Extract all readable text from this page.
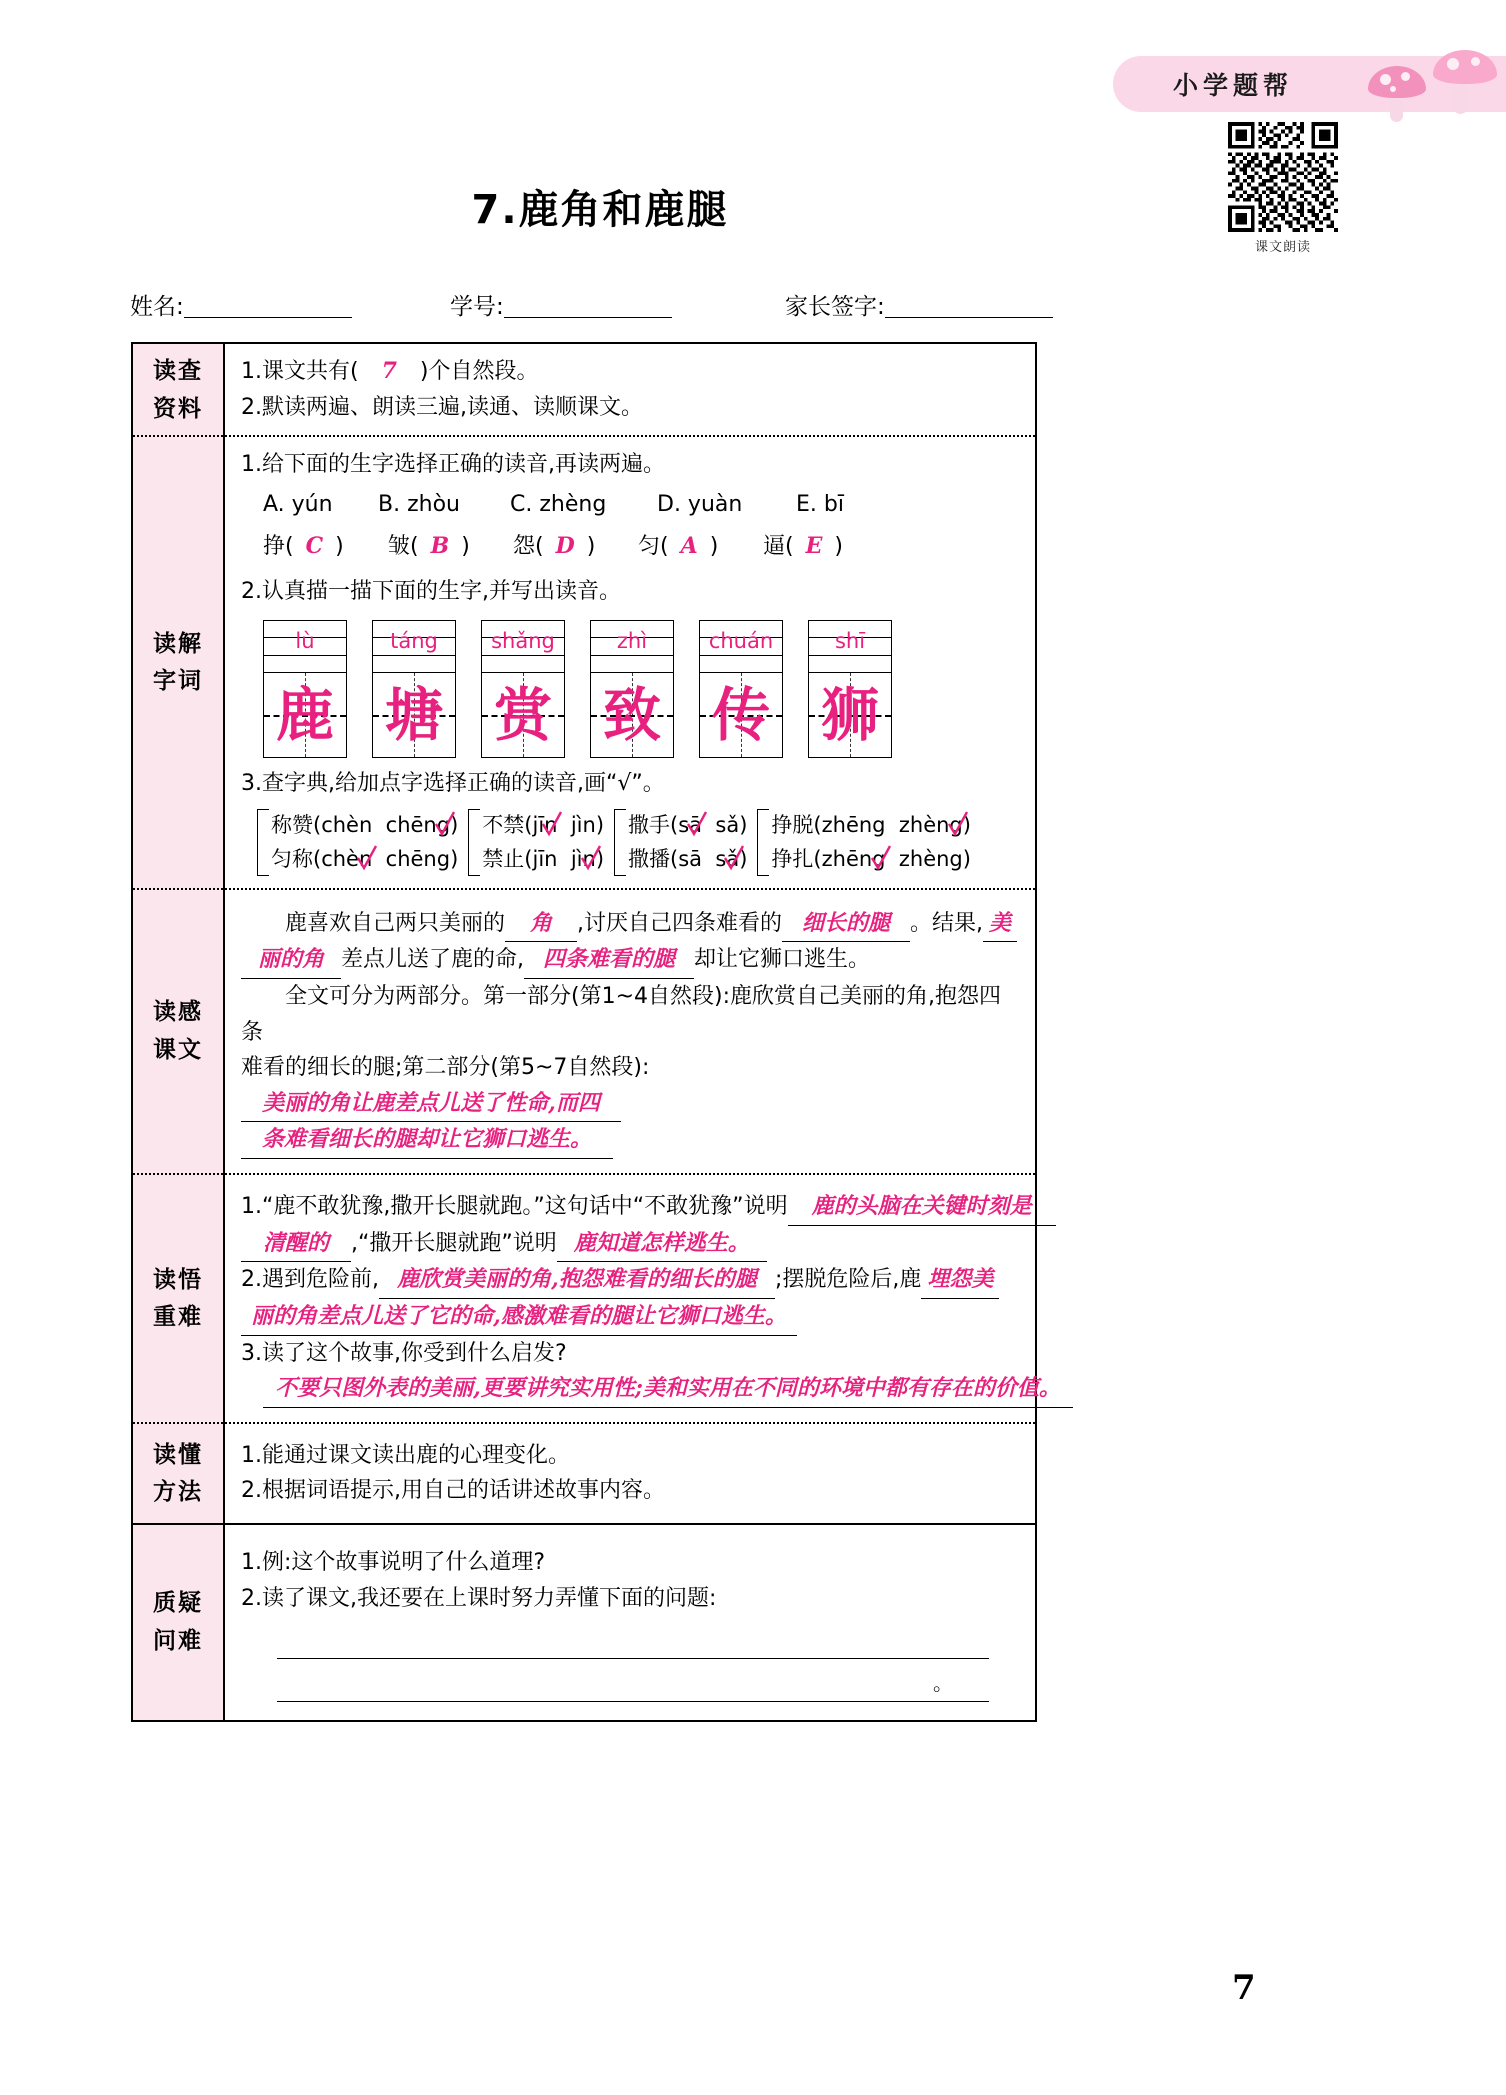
小学题帮
课文朗读
7.鹿角和鹿腿
姓名:	学号:	家长签字:
读查
资料
1.课文共有( 7 )个自然段。
2.默读两遍、朗读三遍,读通、读顺课文。
读解
字词
1.给下面的生字选择正确的读音,再读两遍。
A. yún B. zhòu C. zhèng D. yuàn E. bī
挣( C ) 皱( B ) 怨( D ) 匀( A ) 逼( E )
2.认真描一描下面的生字,并写出读音。
lù
鹿
táng
塘
shǎng
赏
zhì
致
chuán
传
shī
狮
3.查字典,给加点字选择正确的读音,画“√”。
称赞(chèn chēng
)
匀称(chèn chēng)
不禁(jīn jìn)
禁止(jīn jìn
)
撒手(sā sǎ)
撒播(sā sǎ
)
挣脱(zhēng zhèng
)
挣扎(zhēng zhèng)
读感
课文
鹿喜欢自己两只美丽的 角 ,讨厌自己四条难看的 细长的腿 。结果, 美
丽的角 差点儿送了鹿的命, 四条难看的腿 却让它狮口逃生。
全文可分为两部分。第一部分(第1~4自然段):鹿欣赏自己美丽的角,抱怨四条
难看的细长的腿;第二部分(第5~7自然段):美丽的角让鹿差点儿送了性命,而四
条难看细长的腿却让它狮口逃生。
读悟
重难
1.“鹿不敢犹豫,撒开长腿就跑。”这句话中“不敢犹豫”说明 鹿的头脑在关键时刻是
清醒的 ,“撒开长腿就跑”说明 鹿知道怎样逃生。
2.遇到危险前, 鹿欣赏美丽的角,抱怨难看的细长的腿 ;摆脱危险后,鹿 埋怨美
丽的角差点儿送了它的命,感激难看的腿让它狮口逃生。
3.读了这个故事,你受到什么启发?
不要只图外表的美丽,更要讲究实用性;美和实用在不同的环境中都有存在的价值。
读懂
方法
1.能通过课文读出鹿的心理变化。
2.根据词语提示,用自己的话讲述故事内容。
质疑
问难
1.例:这个故事说明了什么道理?
2.读了课文,我还要在上课时努力弄懂下面的问题:
。
7
